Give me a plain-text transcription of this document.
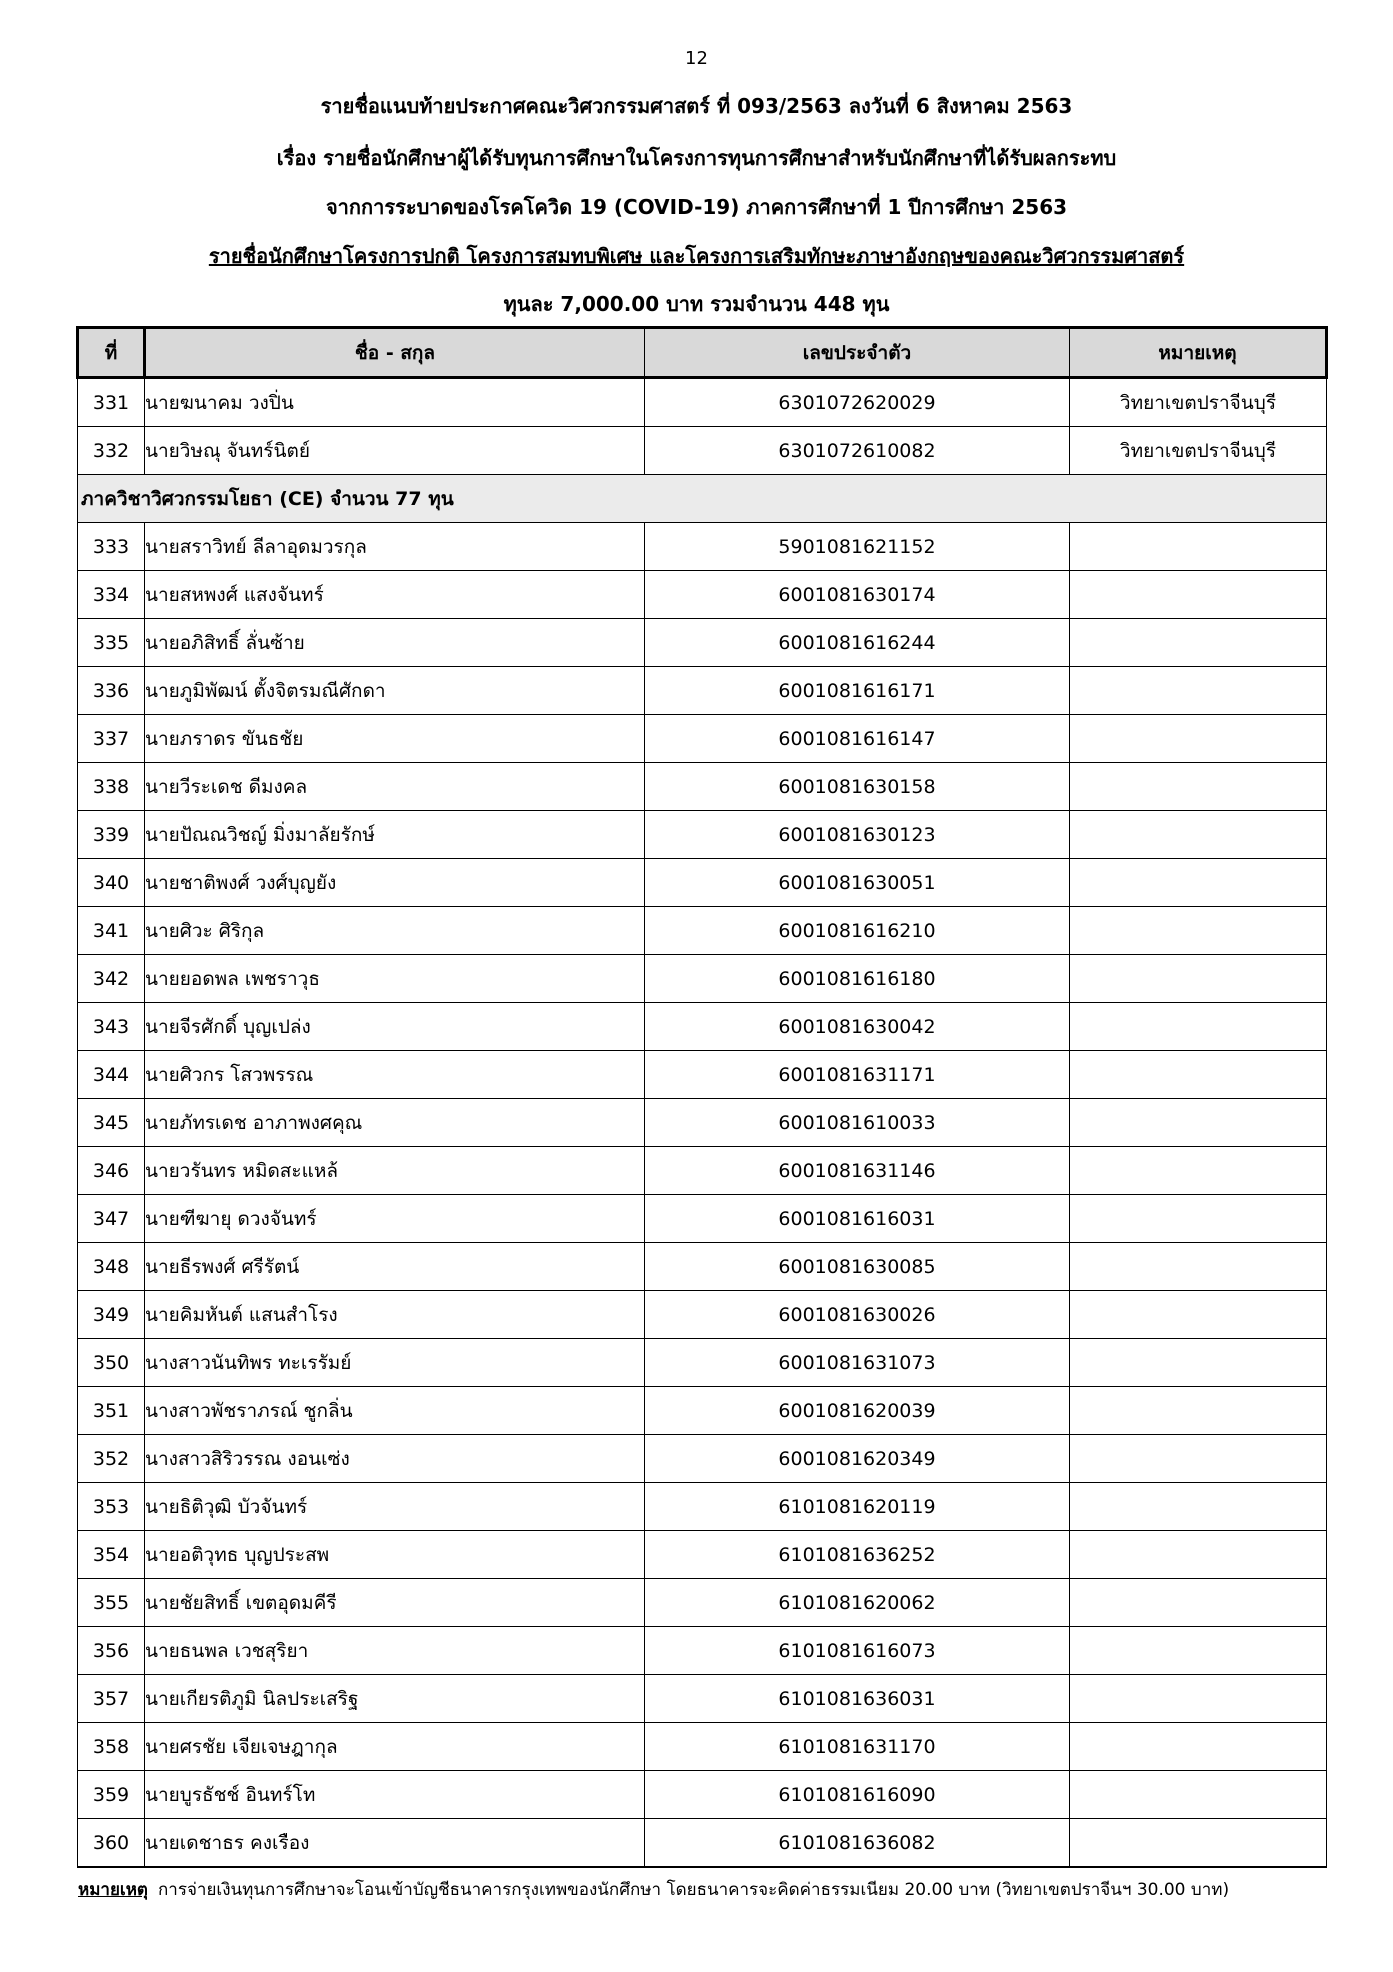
12
รายชื่อแนบท้ายประกาศคณะวิศวกรรมศาสตร์ ที่ 093/2563 ลงวันที่ 6 สิงหาคม 2563
เรื่อง รายชื่อนักศึกษาผู้ได้รับทุนการศึกษาในโครงการทุนการศึกษาสำหรับนักศึกษาที่ได้รับผลกระทบ
จากการระบาดของโรคโควิด 19 (COVID-19) ภาคการศึกษาที่ 1 ปีการศึกษา 2563
รายชื่อนักศึกษาโครงการปกติ โครงการสมทบพิเศษ และโครงการเสริมทักษะภาษาอังกฤษของคณะวิศวกรรมศาสตร์
ทุนละ 7,000.00 บาท รวมจำนวน 448 ทุน
ที่	ชื่อ - สกุล	เลขประจำตัว	หมายเหตุ
331	นายฆนาคม วงปิ่น	6301072620029	วิทยาเขตปราจีนบุรี
332	นายวิษณุ จันทร์นิตย์	6301072610082	วิทยาเขตปราจีนบุรี
ภาควิชาวิศวกรรมโยธา (CE) จำนวน 77 ทุน			
333	นายสราวิทย์ ลีลาอุดมวรกุล	5901081621152	
334	นายสหพงศ์ แสงจันทร์	6001081630174	
335	นายอภิสิทธิ์ ลั่นซ้าย	6001081616244	
336	นายภูมิพัฒน์ ตั้งจิตรมณีศักดา	6001081616171	
337	นายภราดร ขันธชัย	6001081616147	
338	นายวีระเดช ดีมงคล	6001081630158	
339	นายปัณณวิชญ์ มิ่งมาลัยรักษ์	6001081630123	
340	นายชาติพงศ์ วงศ์บุญยัง	6001081630051	
341	นายศิวะ ศิริกุล	6001081616210	
342	นายยอดพล เพชราวุธ	6001081616180	
343	นายจีรศักดิ์ บุญเปล่ง	6001081630042	
344	นายศิวกร โสวพรรณ	6001081631171	
345	นายภัทรเดช อาภาพงศคุณ	6001081610033	
346	นายวรันทร หมิดสะแหล้	6001081631146	
347	นายฑีฆายุ ดวงจันทร์	6001081616031	
348	นายธีรพงศ์ ศรีรัตน์	6001081630085	
349	นายคิมหันต์ แสนสำโรง	6001081630026	
350	นางสาวนันทิพร ทะเรรัมย์	6001081631073	
351	นางสาวพัชราภรณ์ ชูกลิ่น	6001081620039	
352	นางสาวสิริวรรณ งอนเซ่ง	6001081620349	
353	นายธิติวุฒิ บัวจันทร์	6101081620119	
354	นายอติวุทธ บุญประสพ	6101081636252	
355	นายชัยสิทธิ์ เขตอุดมคีรี	6101081620062	
356	นายธนพล เวชสุริยา	6101081616073	
357	นายเกียรติภูมิ นิลประเสริฐ	6101081636031	
358	นายศรชัย เจียเจษฎากุล	6101081631170	
359	นายบูรธัชช์ อินทร์โท	6101081616090	
360	นายเดชาธร คงเรือง	6101081636082	
หมายเหตุ การจ่ายเงินทุนการศึกษาจะโอนเข้าบัญชีธนาคารกรุงเทพของนักศึกษา โดยธนาคารจะคิดค่าธรรมเนียม 20.00 บาท (วิทยาเขตปราจีนฯ 30.00 บาท)
